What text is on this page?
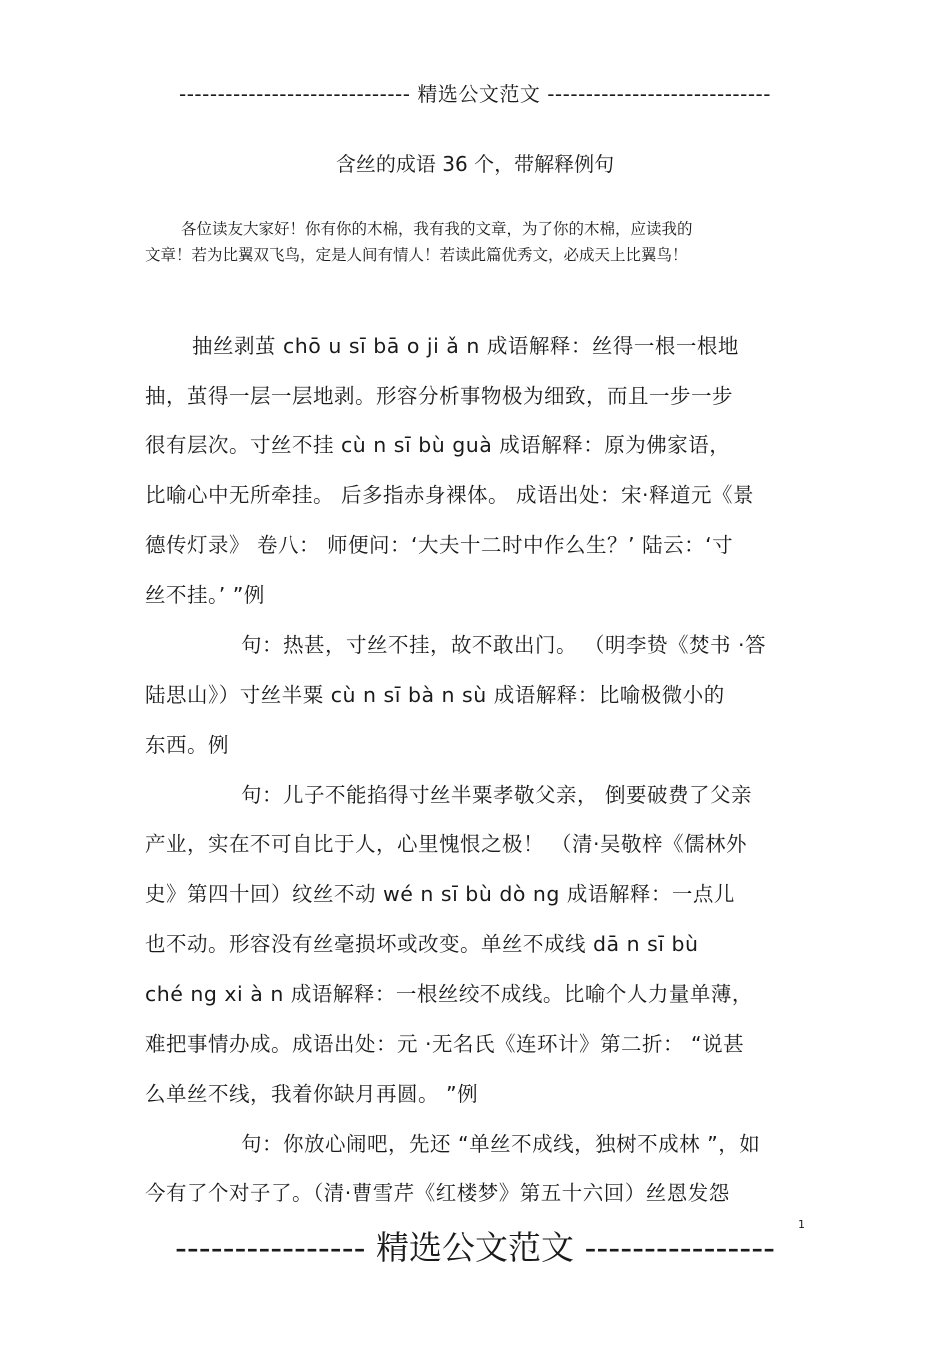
------------------------------ 精选公文范文 -----------------------------
含丝的成语 36 个，带解释例句
各位读友大家好！你有你的木棉，我有我的文章，为了你的木棉，应读我的
文章！若为比翼双飞鸟，定是人间有情人！若读此篇优秀文，必成天上比翼鸟！
抽丝剥茧 chō u sī bā o ji ǎ n 成语解释：丝得一根一根地
抽，茧得一层一层地剥。形容分析事物极为细致，而且一步一步
很有层次。寸丝不挂 cù n sī bù guà 成语解释：原为佛家语，
比喻心中无所牵挂。 后多指赤身裸体。 成语出处：宋·释道元《景
德传灯录》 卷八： 师便问：‘大夫十二时中作么生？’ 陆云：‘寸
丝不挂。’ ”例
句：热甚，寸丝不挂，故不敢出门。 （明李贽《焚书 ·答
陆思山》）寸丝半粟 cù n sī bà n sù 成语解释：比喻极微小的
东西。例
句：儿子不能掐得寸丝半粟孝敬父亲， 倒要破费了父亲
产业，实在不可自比于人，心里愧恨之极！ （清·吴敬梓《儒林外
史》第四十回）纹丝不动 wé n sī bù dò ng 成语解释：一点儿
也不动。形容没有丝毫损坏或改变。单丝不成线 dā n sī bù
ché ng xi à n 成语解释：一根丝绞不成线。比喻个人力量单薄，
难把事情办成。成语出处：元 ·无名氏《连环计》第二折： “说甚
么单丝不线，我着你缺月再圆。 ”例
句：你放心闹吧，先还 “单丝不成线，独树不成林 ”，如
今有了个对子了。（清·曹雪芹《红楼梦》第五十六回）丝恩发怨
1
---------------- 精选公文范文 ----------------
